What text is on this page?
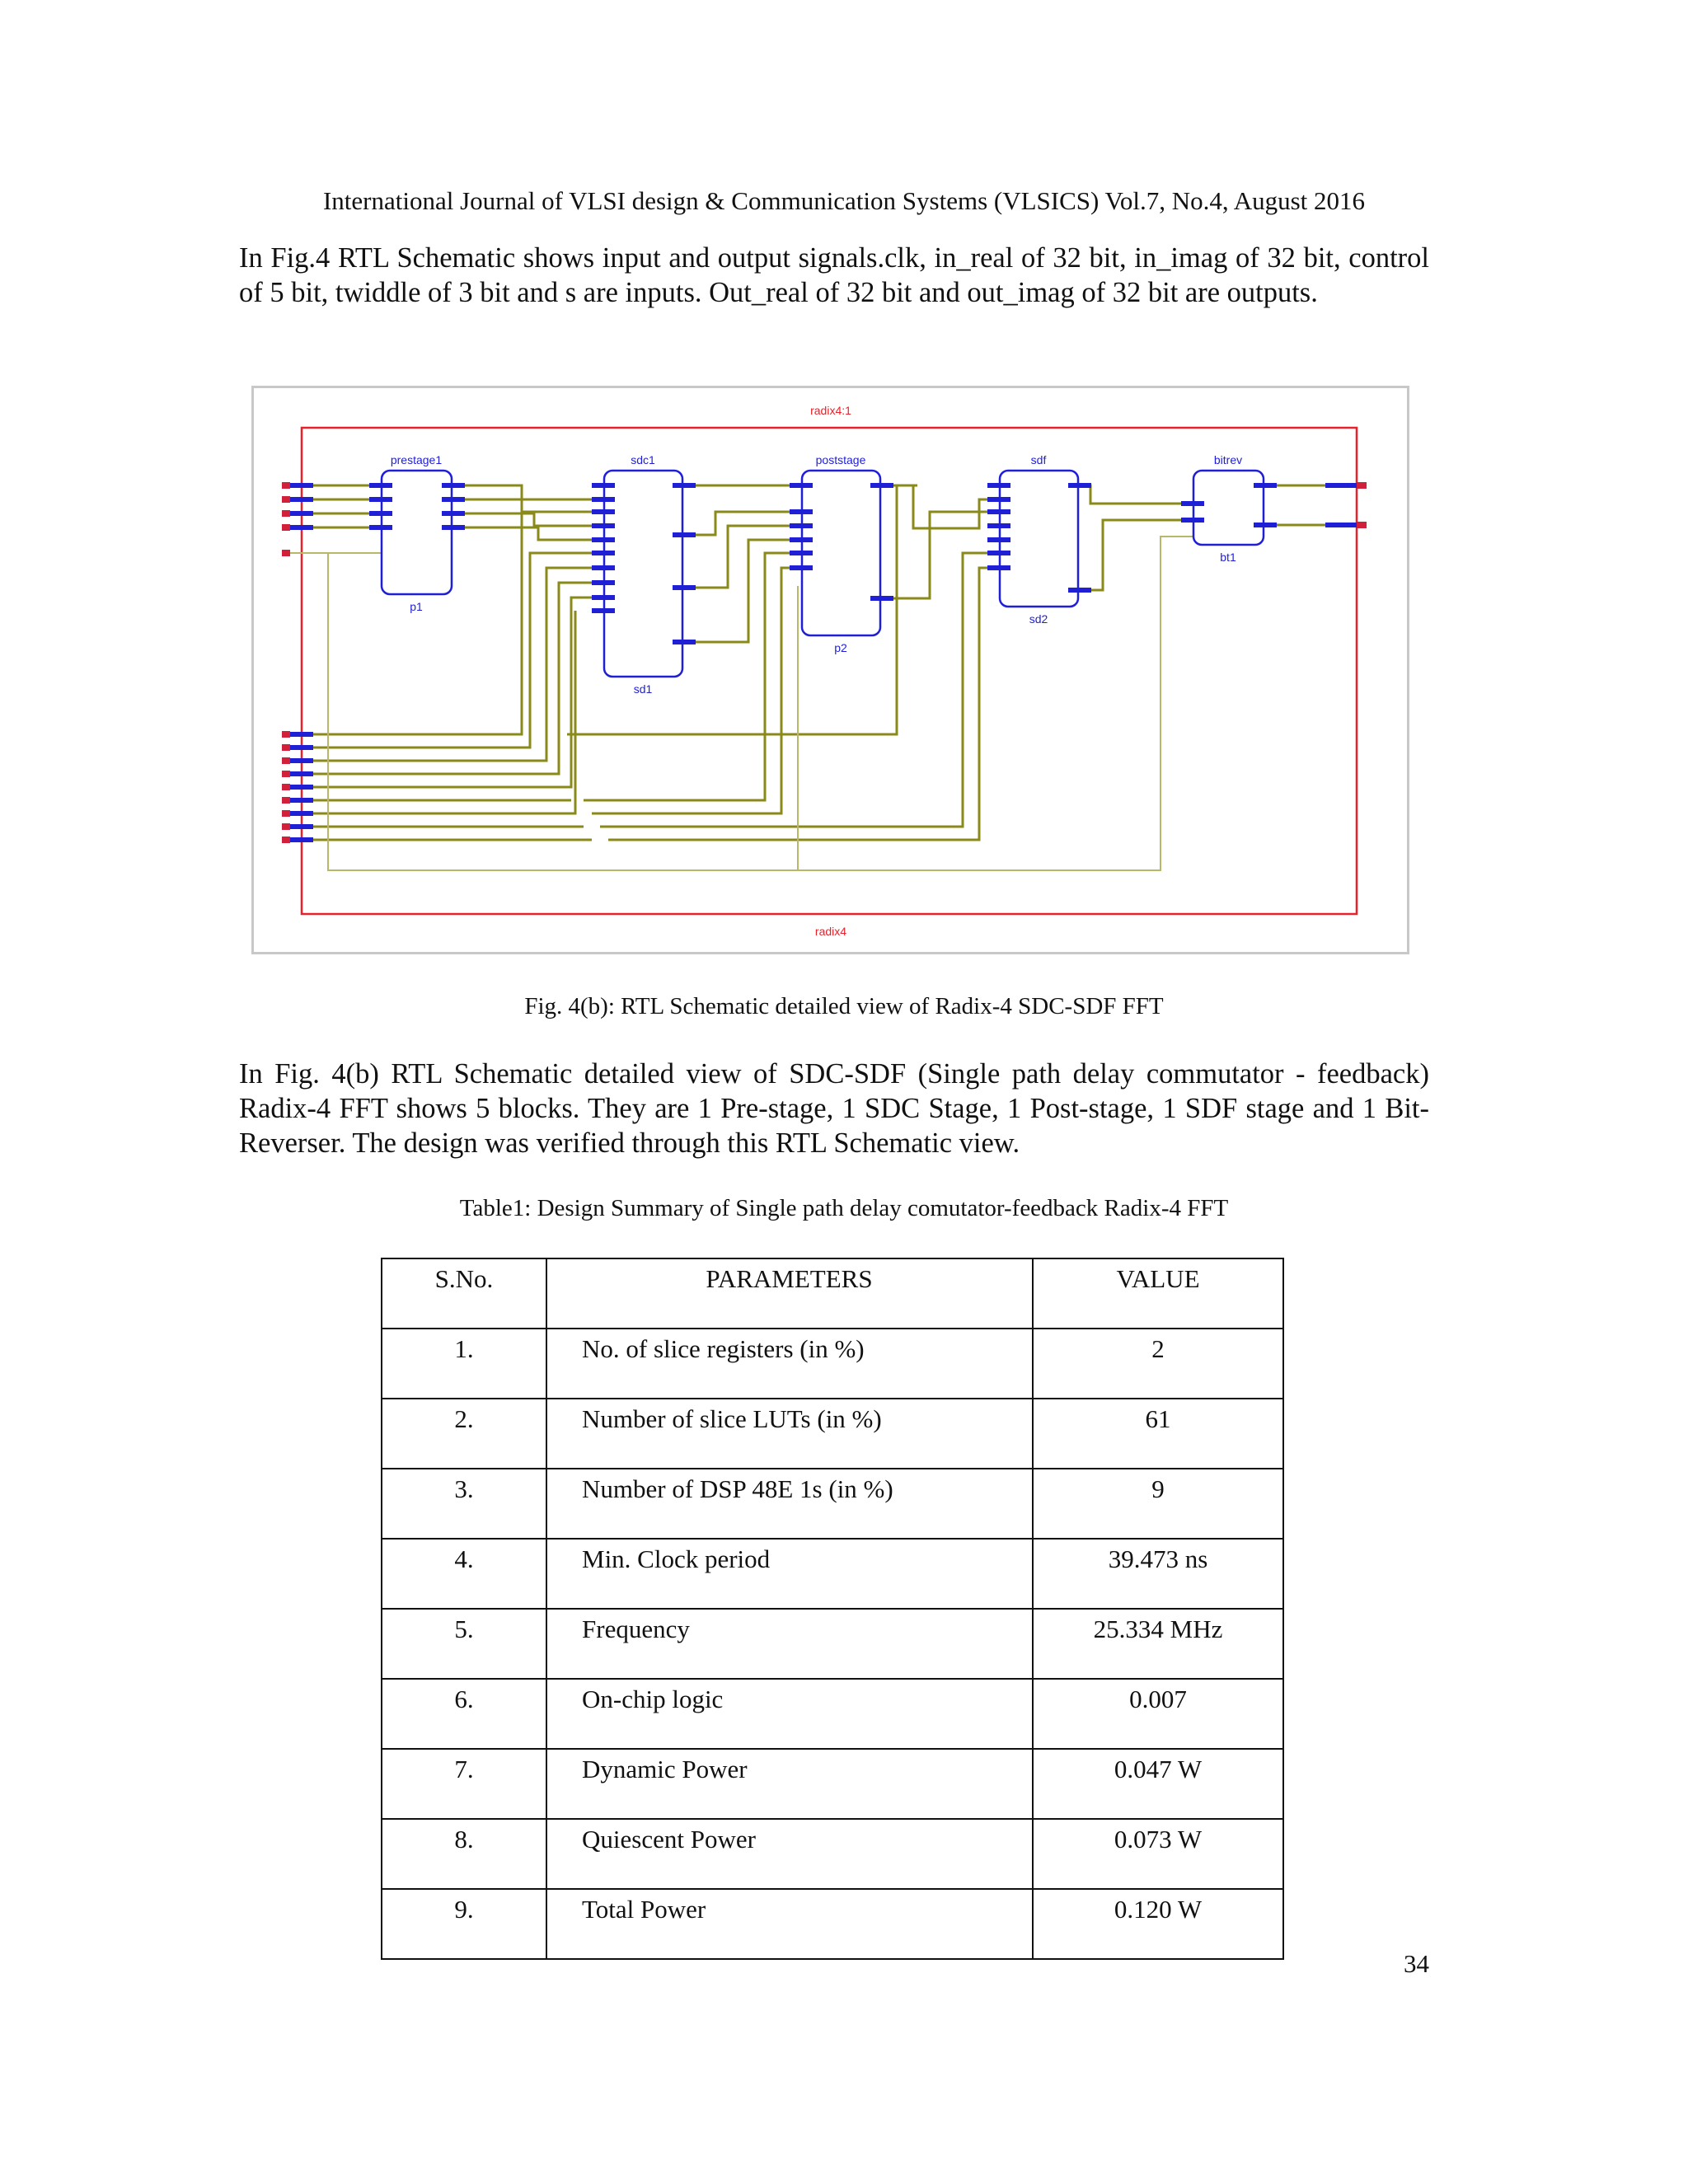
International Journal of VLSI design & Communication Systems (VLSICS) Vol.7, No.4, August 2016
In Fig.4 RTL Schematic shows input and output signals.clk, in_real of 32 bit, in_imag of 32 bit, control of 5 bit, twiddle of 3 bit and s are inputs. Out_real of 32 bit and out_imag of 32 bit are outputs.
radix4:1
radix4
prestage1
p1
sdc1
sd1
poststage
p2
sdf
sd2
bitrev
bt1
Fig. 4(b): RTL Schematic detailed view of Radix-4 SDC-SDF FFT
In Fig. 4(b) RTL Schematic detailed view of SDC-SDF (Single path delay commutator - feedback) Radix-4 FFT shows 5 blocks. They are 1 Pre-stage, 1 SDC Stage, 1 Post-stage, 1 SDF stage and 1 Bit-Reverser. The design was verified through this RTL Schematic view.
Table1: Design Summary of Single path delay comutator-feedback Radix-4 FFT
S.No.	PARAMETERS	VALUE
1.	No. of slice registers (in %)	2
2.	Number of slice LUTs (in %)	61
3.	Number of DSP 48E 1s (in %)	9
4.	Min. Clock period	39.473 ns
5.	Frequency	25.334 MHz
6.	On-chip logic	0.007
7.	Dynamic Power	0.047 W
8.	Quiescent Power	0.073 W
9.	Total Power	0.120 W
34
